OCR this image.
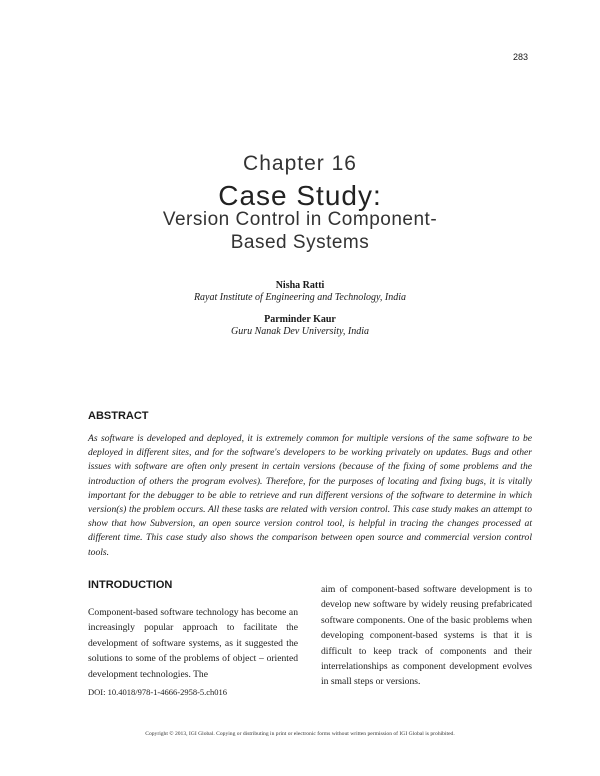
283
Chapter 16
Case Study:
Version Control in Component-
Based Systems
Nisha Ratti
Rayat Institute of Engineering and Technology, India
Parminder Kaur
Guru Nanak Dev University, India
ABSTRACT
As software is developed and deployed, it is extremely common for multiple versions of the same software to be deployed in different sites, and for the software's developers to be working privately on updates. Bugs and other issues with software are often only present in certain versions (because of the fixing of some problems and the introduction of others the program evolves). Therefore, for the purposes of locating and fixing bugs, it is vitally important for the debugger to be able to retrieve and run different versions of the software to determine in which version(s) the problem occurs. All these tasks are related with version control. This case study makes an attempt to show that how Subversion, an open source version control tool, is helpful in tracing the changes processed at different time. This case study also shows the comparison between open source and commercial version control tools.
INTRODUCTION
Component-based software technology has become an increasingly popular approach to facilitate the development of software systems, as it suggested the solutions to some of the problems of object – oriented development technologies. The
aim of component-based software development is to develop new software by widely reusing prefabricated software components. One of the basic problems when developing component-based systems is that it is difficult to keep track of components and their interrelationships as component development evolves in small steps or versions.
DOI: 10.4018/978-1-4666-2958-5.ch016
Copyright © 2013, IGI Global. Copying or distributing in print or electronic forms without written permission of IGI Global is prohibited.
